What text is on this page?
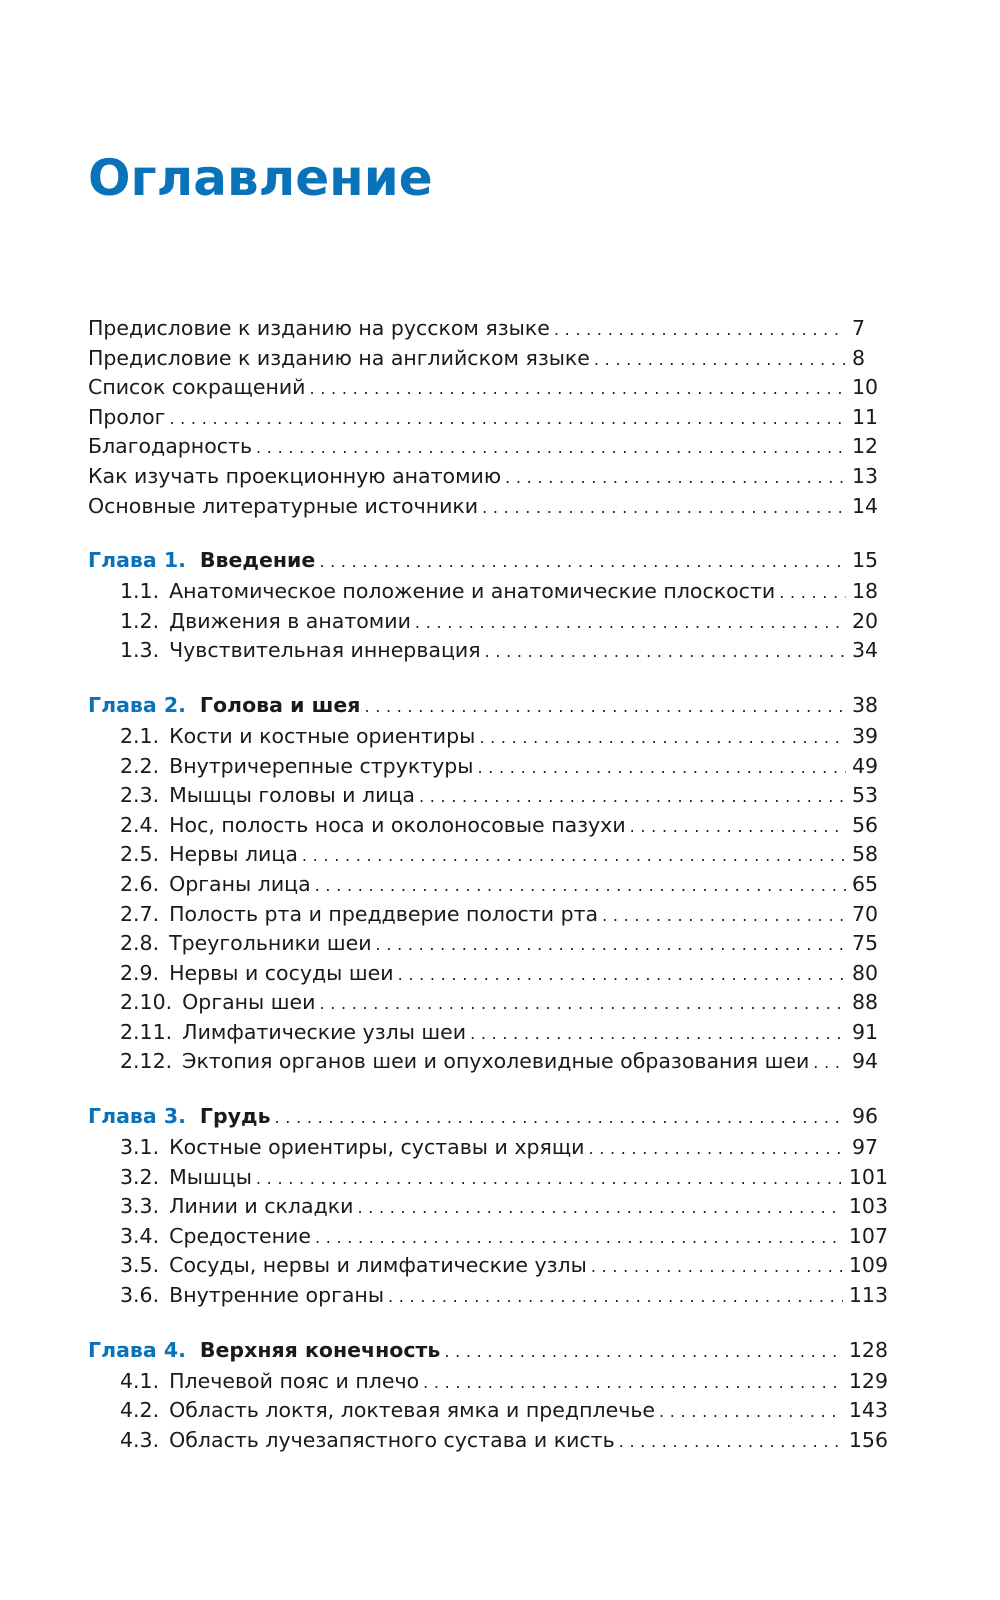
Оглавление
Предисловие к изданию на русском языке . . .	7
Предисловие к изданию на английском языке . . .	8
Список сокращений . . .	10
Пролог . . .	11
Благодарность . . .	12
Как изучать проекционную анатомию . . .	13
Основные литературные источники . . .	14
Глава 1. Введение . . .	15
1.1. Анатомическое положение и анатомические плоскости . . .	18
1.2. Движения в анатомии . . .	20
1.3. Чувствительная иннервация . . .	34
Глава 2. Голова и шея . . .	38
2.1. Кости и костные ориентиры . . .	39
2.2. Внутричерепные структуры . . .	49
2.3. Мышцы головы и лица . . .	53
2.4. Нос, полость носа и околоносовые пазухи . . .	56
2.5. Нервы лица . . .	58
2.6. Органы лица . . .	65
2.7. Полость рта и преддверие полости рта . . .	70
2.8. Треугольники шеи . . .	75
2.9. Нервы и сосуды шеи . . .	80
2.10. Органы шеи . . .	88
2.11. Лимфатические узлы шеи . . .	91
2.12. Эктопия органов шеи и опухолевидные образования шеи . . . 94
Глава 3. Грудь . . .	96
3.1. Костные ориентиры, суставы и хрящи . . .	97
3.2. Мышцы . . .	101
3.3. Линии и складки . . .	103
3.4. Средостение . . .	107
3.5. Сосуды, нервы и лимфатические узлы . . .	109
3.6. Внутренние органы . . .	113
Глава 4. Верхняя конечность . . .	128
4.1. Плечевой пояс и плечо . . .	129
4.2. Область локтя, локтевая ямка и предплечье . . .	143
4.3. Область лучезапястного сустава и кисть . . .	156
